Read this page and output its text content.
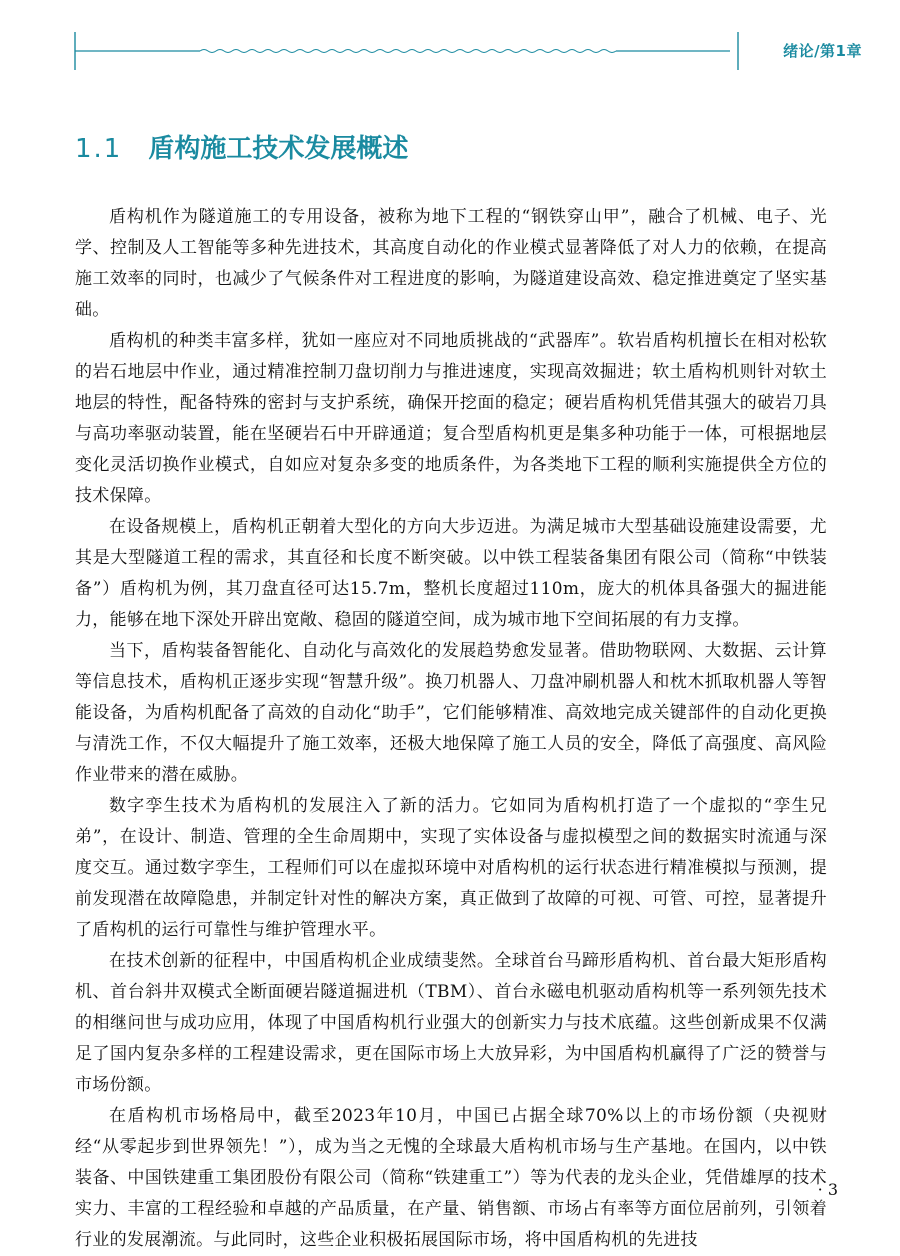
绪论/第1章
1.1 盾构施工技术发展概述

盾构机作为隧道施工的专用设备，被称为地下工程的“钢铁穿山甲”，融合了机械、电子、光学、控制及人工智能等多种先进技术，其高度自动化的作业模式显著降低了对人力的依赖，在提高施工效率的同时，也减少了气候条件对工程进度的影响，为隧道建设高效、稳定推进奠定了坚实基础。

盾构机的种类丰富多样，犹如一座应对不同地质挑战的“武器库”。软岩盾构机擅长在相对松软的岩石地层中作业，通过精准控制刀盘切削力与推进速度，实现高效掘进；软土盾构机则针对软土地层的特性，配备特殊的密封与支护系统，确保开挖面的稳定；硬岩盾构机凭借其强大的破岩刀具与高功率驱动装置，能在坚硬岩石中开辟通道；复合型盾构机更是集多种功能于一体，可根据地层变化灵活切换作业模式，自如应对复杂多变的地质条件，为各类地下工程的顺利实施提供全方位的技术保障。

在设备规模上，盾构机正朝着大型化的方向大步迈进。为满足城市大型基础设施建设需要，尤其是大型隧道工程的需求，其直径和长度不断突破。以中铁工程装备集团有限公司（简称“中铁装备”）盾构机为例，其刀盘直径可达15.7m，整机长度超过110m，庞大的机体具备强大的掘进能力，能够在地下深处开辟出宽敞、稳固的隧道空间，成为城市地下空间拓展的有力支撑。

当下，盾构装备智能化、自动化与高效化的发展趋势愈发显著。借助物联网、大数据、云计算等信息技术，盾构机正逐步实现“智慧升级”。换刀机器人、刀盘冲刷机器人和枕木抓取机器人等智能设备，为盾构机配备了高效的自动化“助手”，它们能够精准、高效地完成关键部件的自动化更换与清洗工作，不仅大幅提升了施工效率，还极大地保障了施工人员的安全，降低了高强度、高风险作业带来的潜在威胁。

数字孪生技术为盾构机的发展注入了新的活力。它如同为盾构机打造了一个虚拟的“孪生兄弟”，在设计、制造、管理的全生命周期中，实现了实体设备与虚拟模型之间的数据实时流通与深度交互。通过数字孪生，工程师们可以在虚拟环境中对盾构机的运行状态进行精准模拟与预测，提前发现潜在故障隐患，并制定针对性的解决方案，真正做到了故障的可视、可管、可控，显著提升了盾构机的运行可靠性与维护管理水平。

在技术创新的征程中，中国盾构机企业成绩斐然。全球首台马蹄形盾构机、首台最大矩形盾构机、首台斜井双模式全断面硬岩隧道掘进机（TBM）、首台永磁电机驱动盾构机等一系列领先技术的相继问世与成功应用，体现了中国盾构机行业强大的创新实力与技术底蕴。这些创新成果不仅满足了国内复杂多样的工程建设需求，更在国际市场上大放异彩，为中国盾构机赢得了广泛的赞誉与市场份额。

在盾构机市场格局中，截至2023年10月，中国已占据全球70%以上的市场份额（央视财经“从零起步到世界领先！”），成为当之无愧的全球最大盾构机市场与生产基地。在国内，以中铁装备、中国铁建重工集团股份有限公司（简称“铁建重工”）等为代表的龙头企业，凭借雄厚的技术实力、丰富的工程经验和卓越的产品质量，在产量、销售额、市场占有率等方面位居前列，引领着行业的发展潮流。与此同时，这些企业积极拓展国际市场，将中国盾构机的先进技

· 3
